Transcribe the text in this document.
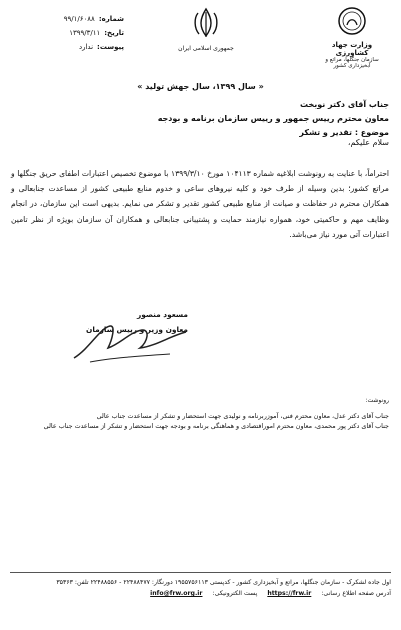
شماره:
۹۹/۱/۶۰۸۸
تاریخ:
۱۳۹۹/۳/۱۱
پیوست:
ندارد	جمهوری اسلامی ایران	وزارت جهاد کشاورزی
سازمان جنگلها، مراتع و آبخیزداری کشور
« سال ۱۳۹۹، سال جهش تولید »
جناب آقای دکتر نوبخت
معاون محترم رییس جمهور و رییس سازمان برنامه و بودجه
موضوع : تقدیر و تشکر
سلام علیکم،
احتراماً، با عنایت به رونوشت ابلاغیه شماره ۱۰۴۱۱۳ مورخ ۱۳۹۹/۳/۱۰ با موضوع تخصیص اعتبارات اطفای حریق جنگلها و مراتع کشور؛ بدین وسیله از طرف خود و کلیه نیروهای ساعی و خدوم منابع طبیعی کشور از مساعدت جنابعالی و همکاران محترم در حفاظت و صیانت از منابع طبیعی کشور تقدیر و تشکر می نمایم. بدیهی است این سازمان، در انجام وظایف مهم و حاکمیتی خود، همواره نیازمند حمایت و پشتیبانی جنابعالی و همکاران آن سازمان بویژه از نظر تامین اعتبارات آتی مورد نیاز می‌باشد.
مسعود منصور
معاون وزیر و رییس سازمان
رونوشت:
جناب آقای دکتر عدل، معاون محترم فنی، آموزربرنامه و نولیدی جهت استحضار و تشکر از مساعدت جناب عالی
جناب آقای دکتر پور محمدی، معاون محترم امورافتصادی و هماهنگی برنامه و بودجه جهت استحضار و تشکر از مساعدت جناب عالی
اول جاده لشکرک - سازمان جنگلها، مراتع و آبخیزداری کشور - کدپستی ۱۹۵۵۷۵۶۱۱۳ دورنگار: ۲۲۴۸۸۴۷۷ - ۲۲۴۸۸۵۵۶ تلفن: ۳۵۳۶۳
آدرس صفحه اطلاع رسانی:
https://frw.ir
پست الکترونیکی:
info@frw.org.ir
